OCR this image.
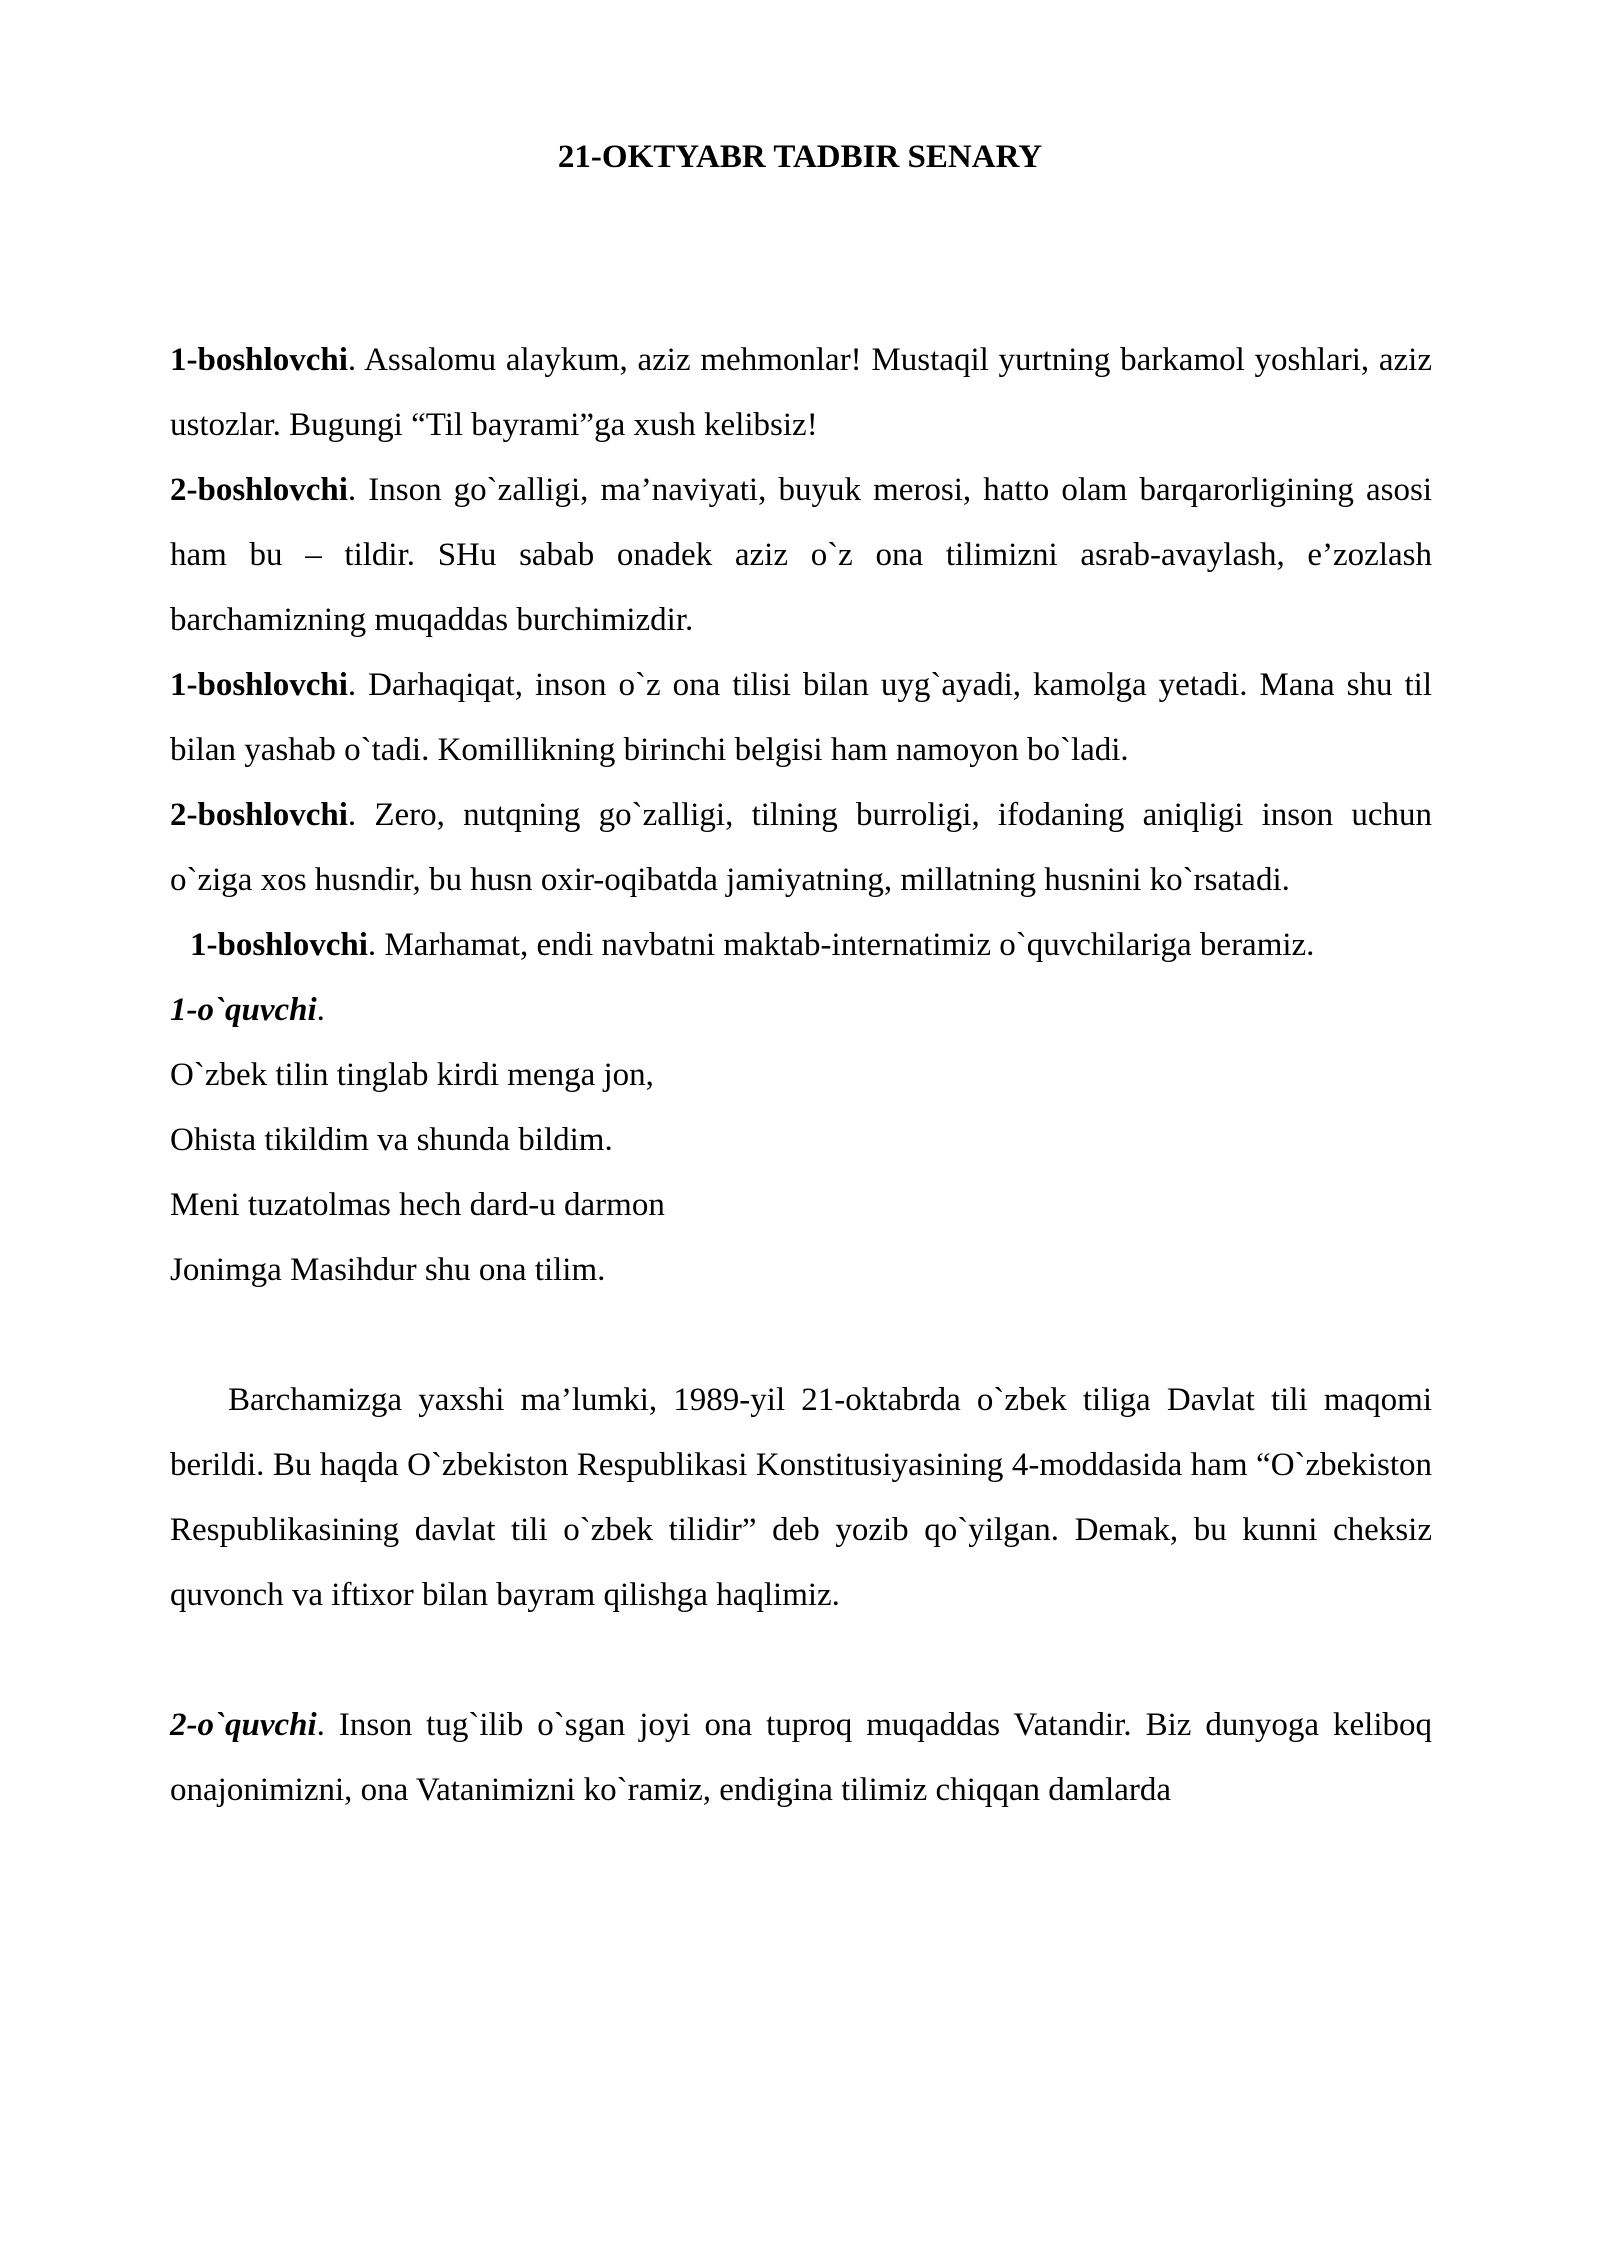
21-OKTYABR TADBIR SENARY

1-boshlovchi. Assalomu alaykum, aziz mehmonlar! Mustaqil yurtning barkamol yoshlari, aziz ustozlar. Bugungi “Til bayrami”ga xush kelibsiz!

2-boshlovchi. Inson go`zalligi, ma’naviyati, buyuk merosi, hatto olam barqarorligining asosi ham bu – tildir. SHu sabab onadek aziz o`z ona tilimizni asrab-avaylash, e’zozlash barchamizning muqaddas burchimizdir.

1-boshlovchi. Darhaqiqat, inson o`z ona tilisi bilan uyg`ayadi, kamolga yetadi. Mana shu til bilan yashab o`tadi. Komillikning birinchi belgisi ham namoyon bo`ladi.

2-boshlovchi. Zero, nutqning go`zalligi, tilning burroligi, ifodaning aniqligi inson uchun o`ziga xos husndir, bu husn oxir-oqibatda jamiyatning, millatning husnini ko`rsatadi.

1-boshlovchi. Marhamat, endi navbatni maktab-internatimiz o`quvchilariga beramiz.

1-o`quvchi.

O`zbek tilin tinglab kirdi menga jon,

Ohista tikildim va shunda bildim.

Meni tuzatolmas hech dard-u darmon

Jonimga Masihdur shu ona tilim.

Barchamizga yaxshi ma’lumki, 1989-yil 21-oktabrda o`zbek tiliga Davlat tili maqomi berildi. Bu haqda O`zbekiston Respublikasi Konstitusiyasining 4-moddasida ham “O`zbekiston Respublikasining davlat tili o`zbek tilidir” deb yozib qo`yilgan. Demak, bu kunni cheksiz quvonch va iftixor bilan bayram qilishga haqlimiz.

2-o`quvchi. Inson tug`ilib o`sgan joyi ona tuproq muqaddas Vatandir. Biz dunyoga keliboq onajonimizni, ona Vatanimizni ko`ramiz, endigina tilimiz chiqqan damlarda
